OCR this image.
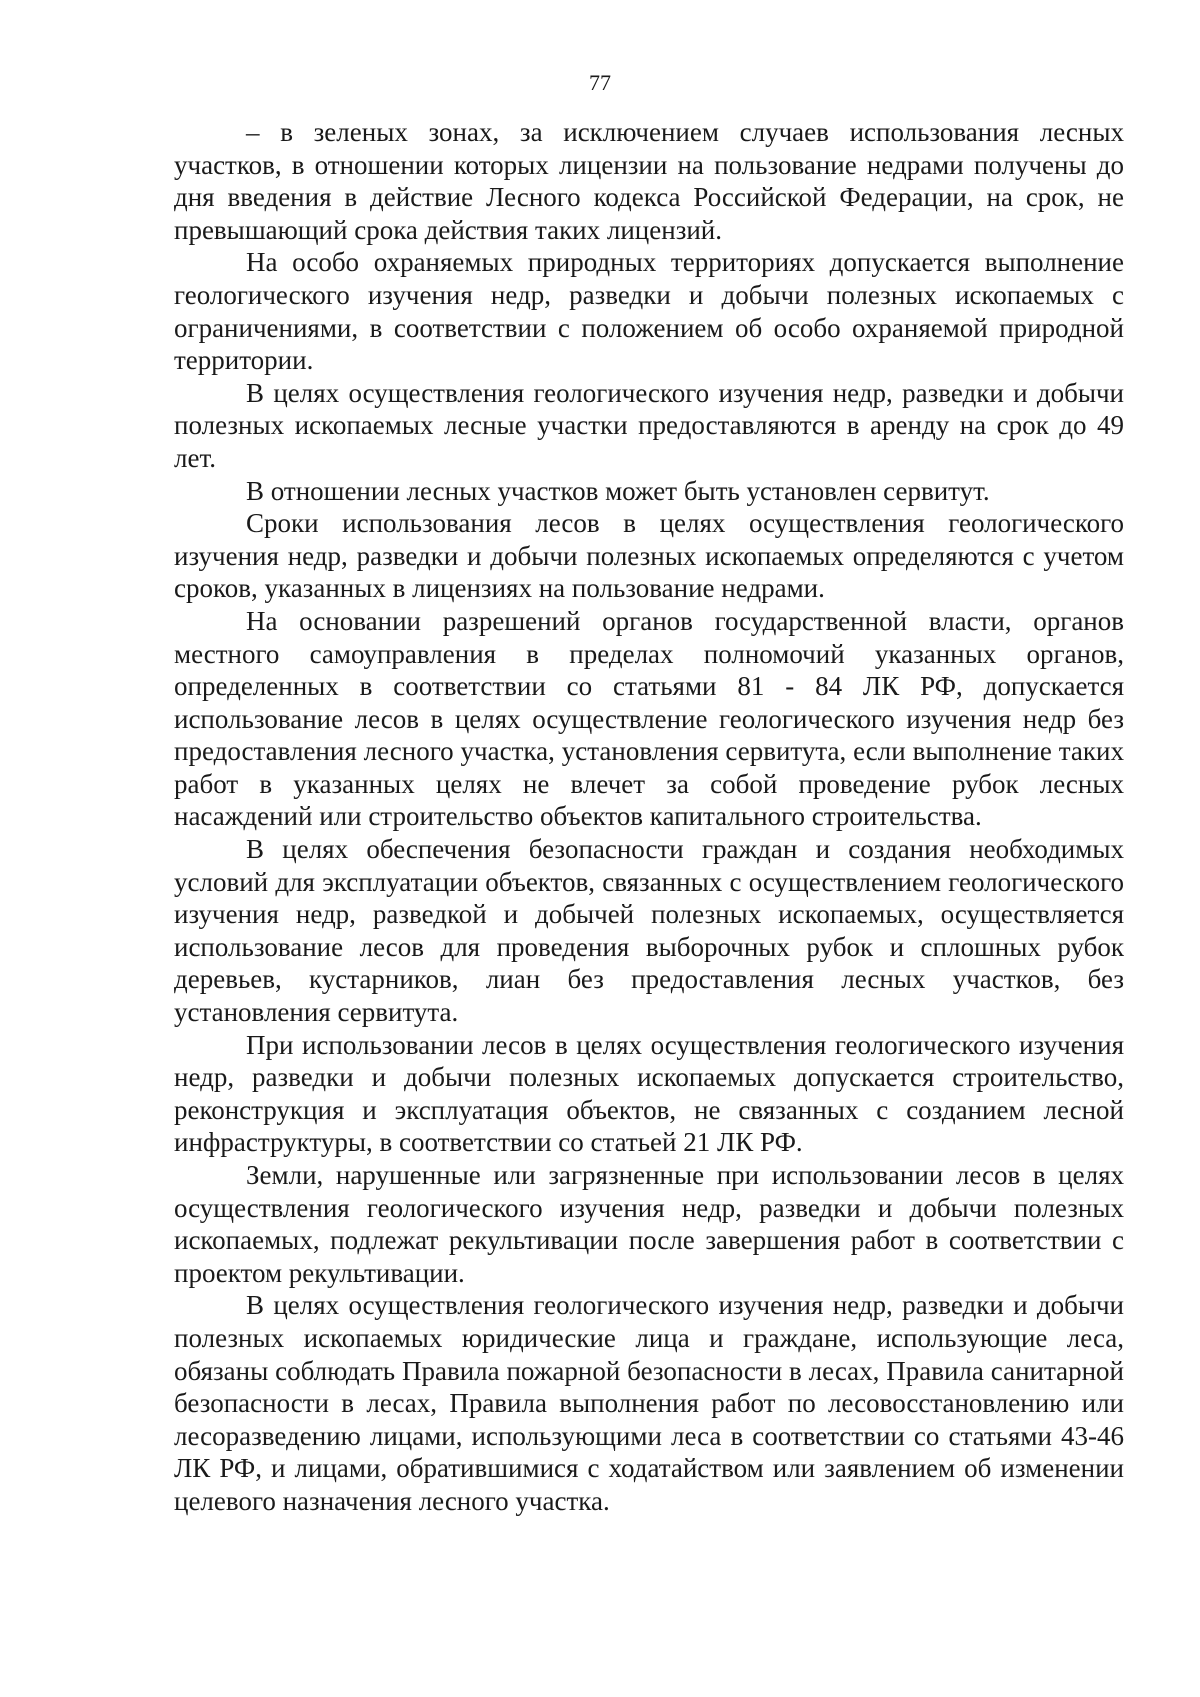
77

– в зеленых зонах, за исключением случаев использования лесных участков, в отношении которых лицензии на пользование недрами получены до дня введения в действие Лесного кодекса Российской Федерации, на срок, не превышающий срока действия таких лицензий.

На особо охраняемых природных территориях допускается выполнение геологического изучения недр, разведки и добычи полезных ископаемых с ограничениями, в соответствии с положением об особо охраняемой природной территории.

В целях осуществления геологического изучения недр, разведки и добычи полезных ископаемых лесные участки предоставляются в аренду на срок до 49 лет.

В отношении лесных участков может быть установлен сервитут.

Сроки использования лесов в целях осуществления геологического изучения недр, разведки и добычи полезных ископаемых определяются с учетом сроков, указанных в лицензиях на пользование недрами.

На основании разрешений органов государственной власти, органов местного самоуправления в пределах полномочий указанных органов, определенных в соответствии со статьями 81 - 84 ЛК РФ, допускается использование лесов в целях осуществление геологического изучения недр без предоставления лесного участка, установления сервитута, если выполнение таких работ в указанных целях не влечет за собой проведение рубок лесных насаждений или строительство объектов капитального строительства.

В целях обеспечения безопасности граждан и создания необходимых условий для эксплуатации объектов, связанных с осуществлением геологического изучения недр, разведкой и добычей полезных ископаемых, осуществляется использование лесов для проведения выборочных рубок и сплошных рубок деревьев, кустарников, лиан без предоставления лесных участков, без установления сервитута.

При использовании лесов в целях осуществления геологического изучения недр, разведки и добычи полезных ископаемых допускается строительство, реконструкция и эксплуатация объектов, не связанных с созданием лесной инфраструктуры, в соответствии со статьей 21 ЛК РФ.

Земли, нарушенные или загрязненные при использовании лесов в целях осуществления геологического изучения недр, разведки и добычи полезных ископаемых, подлежат рекультивации после завершения работ в соответствии с проектом рекультивации.

В целях осуществления геологического изучения недр, разведки и добычи полезных ископаемых юридические лица и граждане, использующие леса, обязаны соблюдать Правила пожарной безопасности в лесах, Правила санитарной безопасности в лесах, Правила выполнения работ по лесовосстановлению или лесоразведению лицами, использующими леса в соответствии со статьями 43-46 ЛК РФ, и лицами, обратившимися с ходатайством или заявлением об изменении целевого назначения лесного участка.
